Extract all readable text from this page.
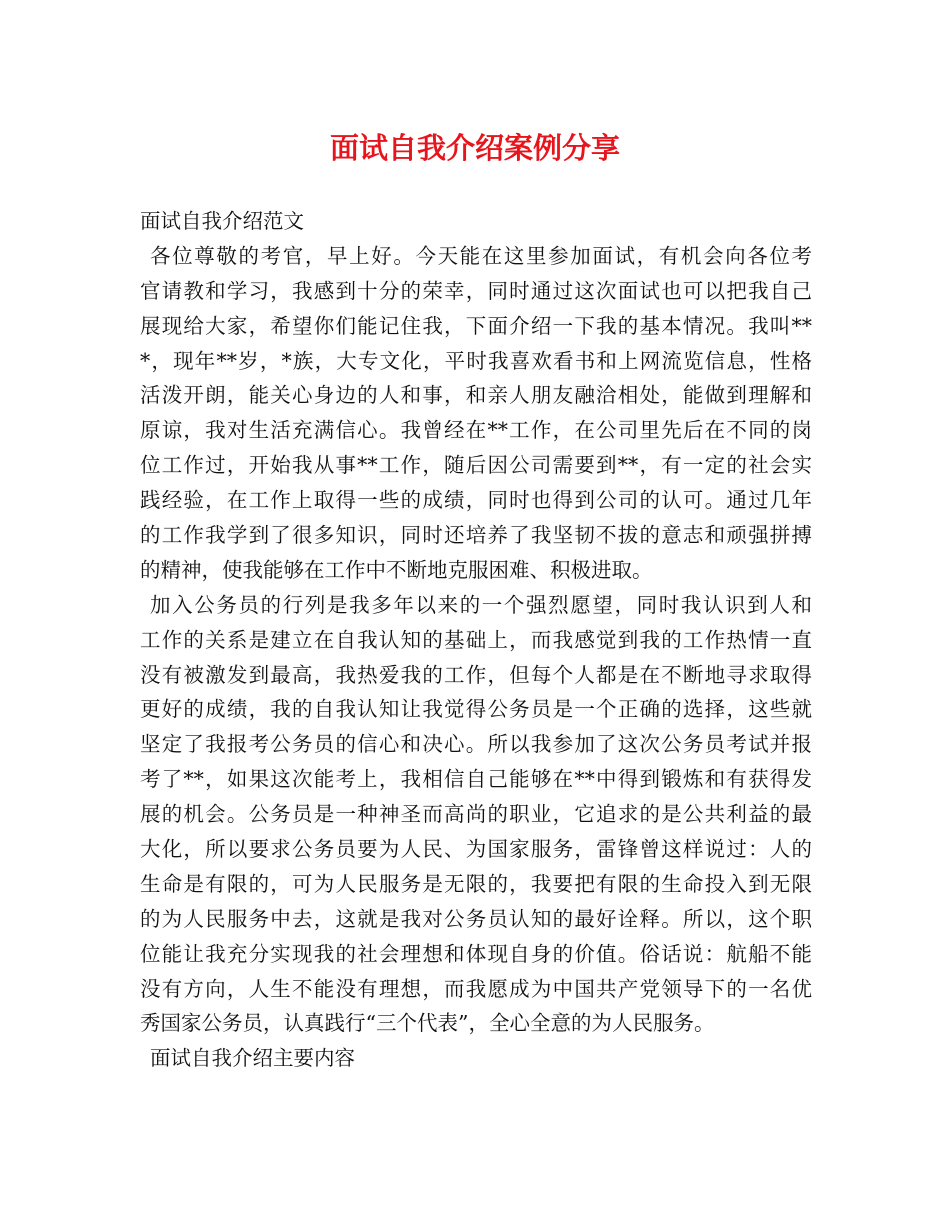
面试自我介绍案例分享
面试自我介绍范文
各位尊敬的考官，早上好。今天能在这里参加面试，有机会向各位考
官请教和学习，我感到十分的荣幸，同时通过这次面试也可以把我自己
展现给大家，希望你们能记住我，下面介绍一下我的基本情况。我叫**
*，现年**岁，*族，大专文化，平时我喜欢看书和上网流览信息，性格
活泼开朗，能关心身边的人和事，和亲人朋友融洽相处，能做到理解和
原谅，我对生活充满信心。我曾经在**工作，在公司里先后在不同的岗
位工作过，开始我从事**工作，随后因公司需要到**，有一定的社会实
践经验，在工作上取得一些的成绩，同时也得到公司的认可。通过几年
的工作我学到了很多知识，同时还培养了我坚韧不拔的意志和顽强拼搏
的精神，使我能够在工作中不断地克服困难、积极进取。
加入公务员的行列是我多年以来的一个强烈愿望，同时我认识到人和
工作的关系是建立在自我认知的基础上，而我感觉到我的工作热情一直
没有被激发到最高，我热爱我的工作，但每个人都是在不断地寻求取得
更好的成绩，我的自我认知让我觉得公务员是一个正确的选择，这些就
坚定了我报考公务员的信心和决心。所以我参加了这次公务员考试并报
考了**，如果这次能考上，我相信自己能够在**中得到锻炼和有获得发
展的机会。公务员是一种神圣而高尚的职业，它追求的是公共利益的最
大化，所以要求公务员要为人民、为国家服务，雷锋曾这样说过：人的
生命是有限的，可为人民服务是无限的，我要把有限的生命投入到无限
的为人民服务中去，这就是我对公务员认知的最好诠释。所以，这个职
位能让我充分实现我的社会理想和体现自身的价值。俗话说：航船不能
没有方向，人生不能没有理想，而我愿成为中国共产党领导下的一名优
秀国家公务员，认真践行“三个代表”，全心全意的为人民服务。
面试自我介绍主要内容
